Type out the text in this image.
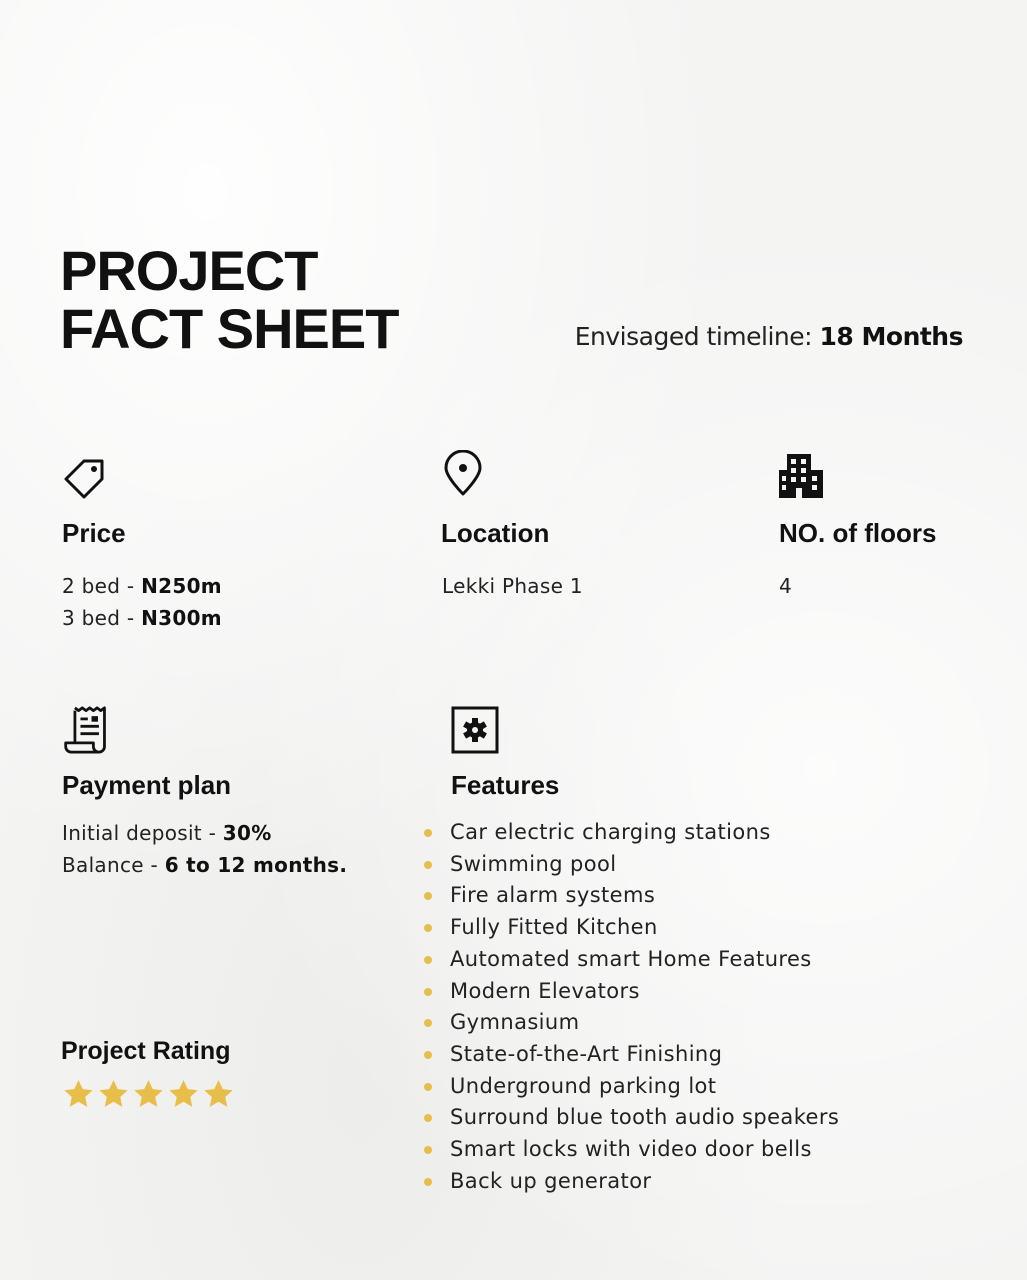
PROJECT
FACT SHEET	Envisaged timeline: 18 Months
Price
2 bed - N250m
3 bed - N300m
Location
Lekki Phase 1
NO. of floors
4
Payment plan
Initial deposit - 30%
Balance - 6 to 12 months.
Features
Car electric charging stations
Swimming pool
Fire alarm systems
Fully Fitted Kitchen
Automated smart Home Features
Modern Elevators
Gymnasium
State-of-the-Art Finishing
Underground parking lot
Surround blue tooth audio speakers
Smart locks with video door bells
Back up generator
Project Rating
